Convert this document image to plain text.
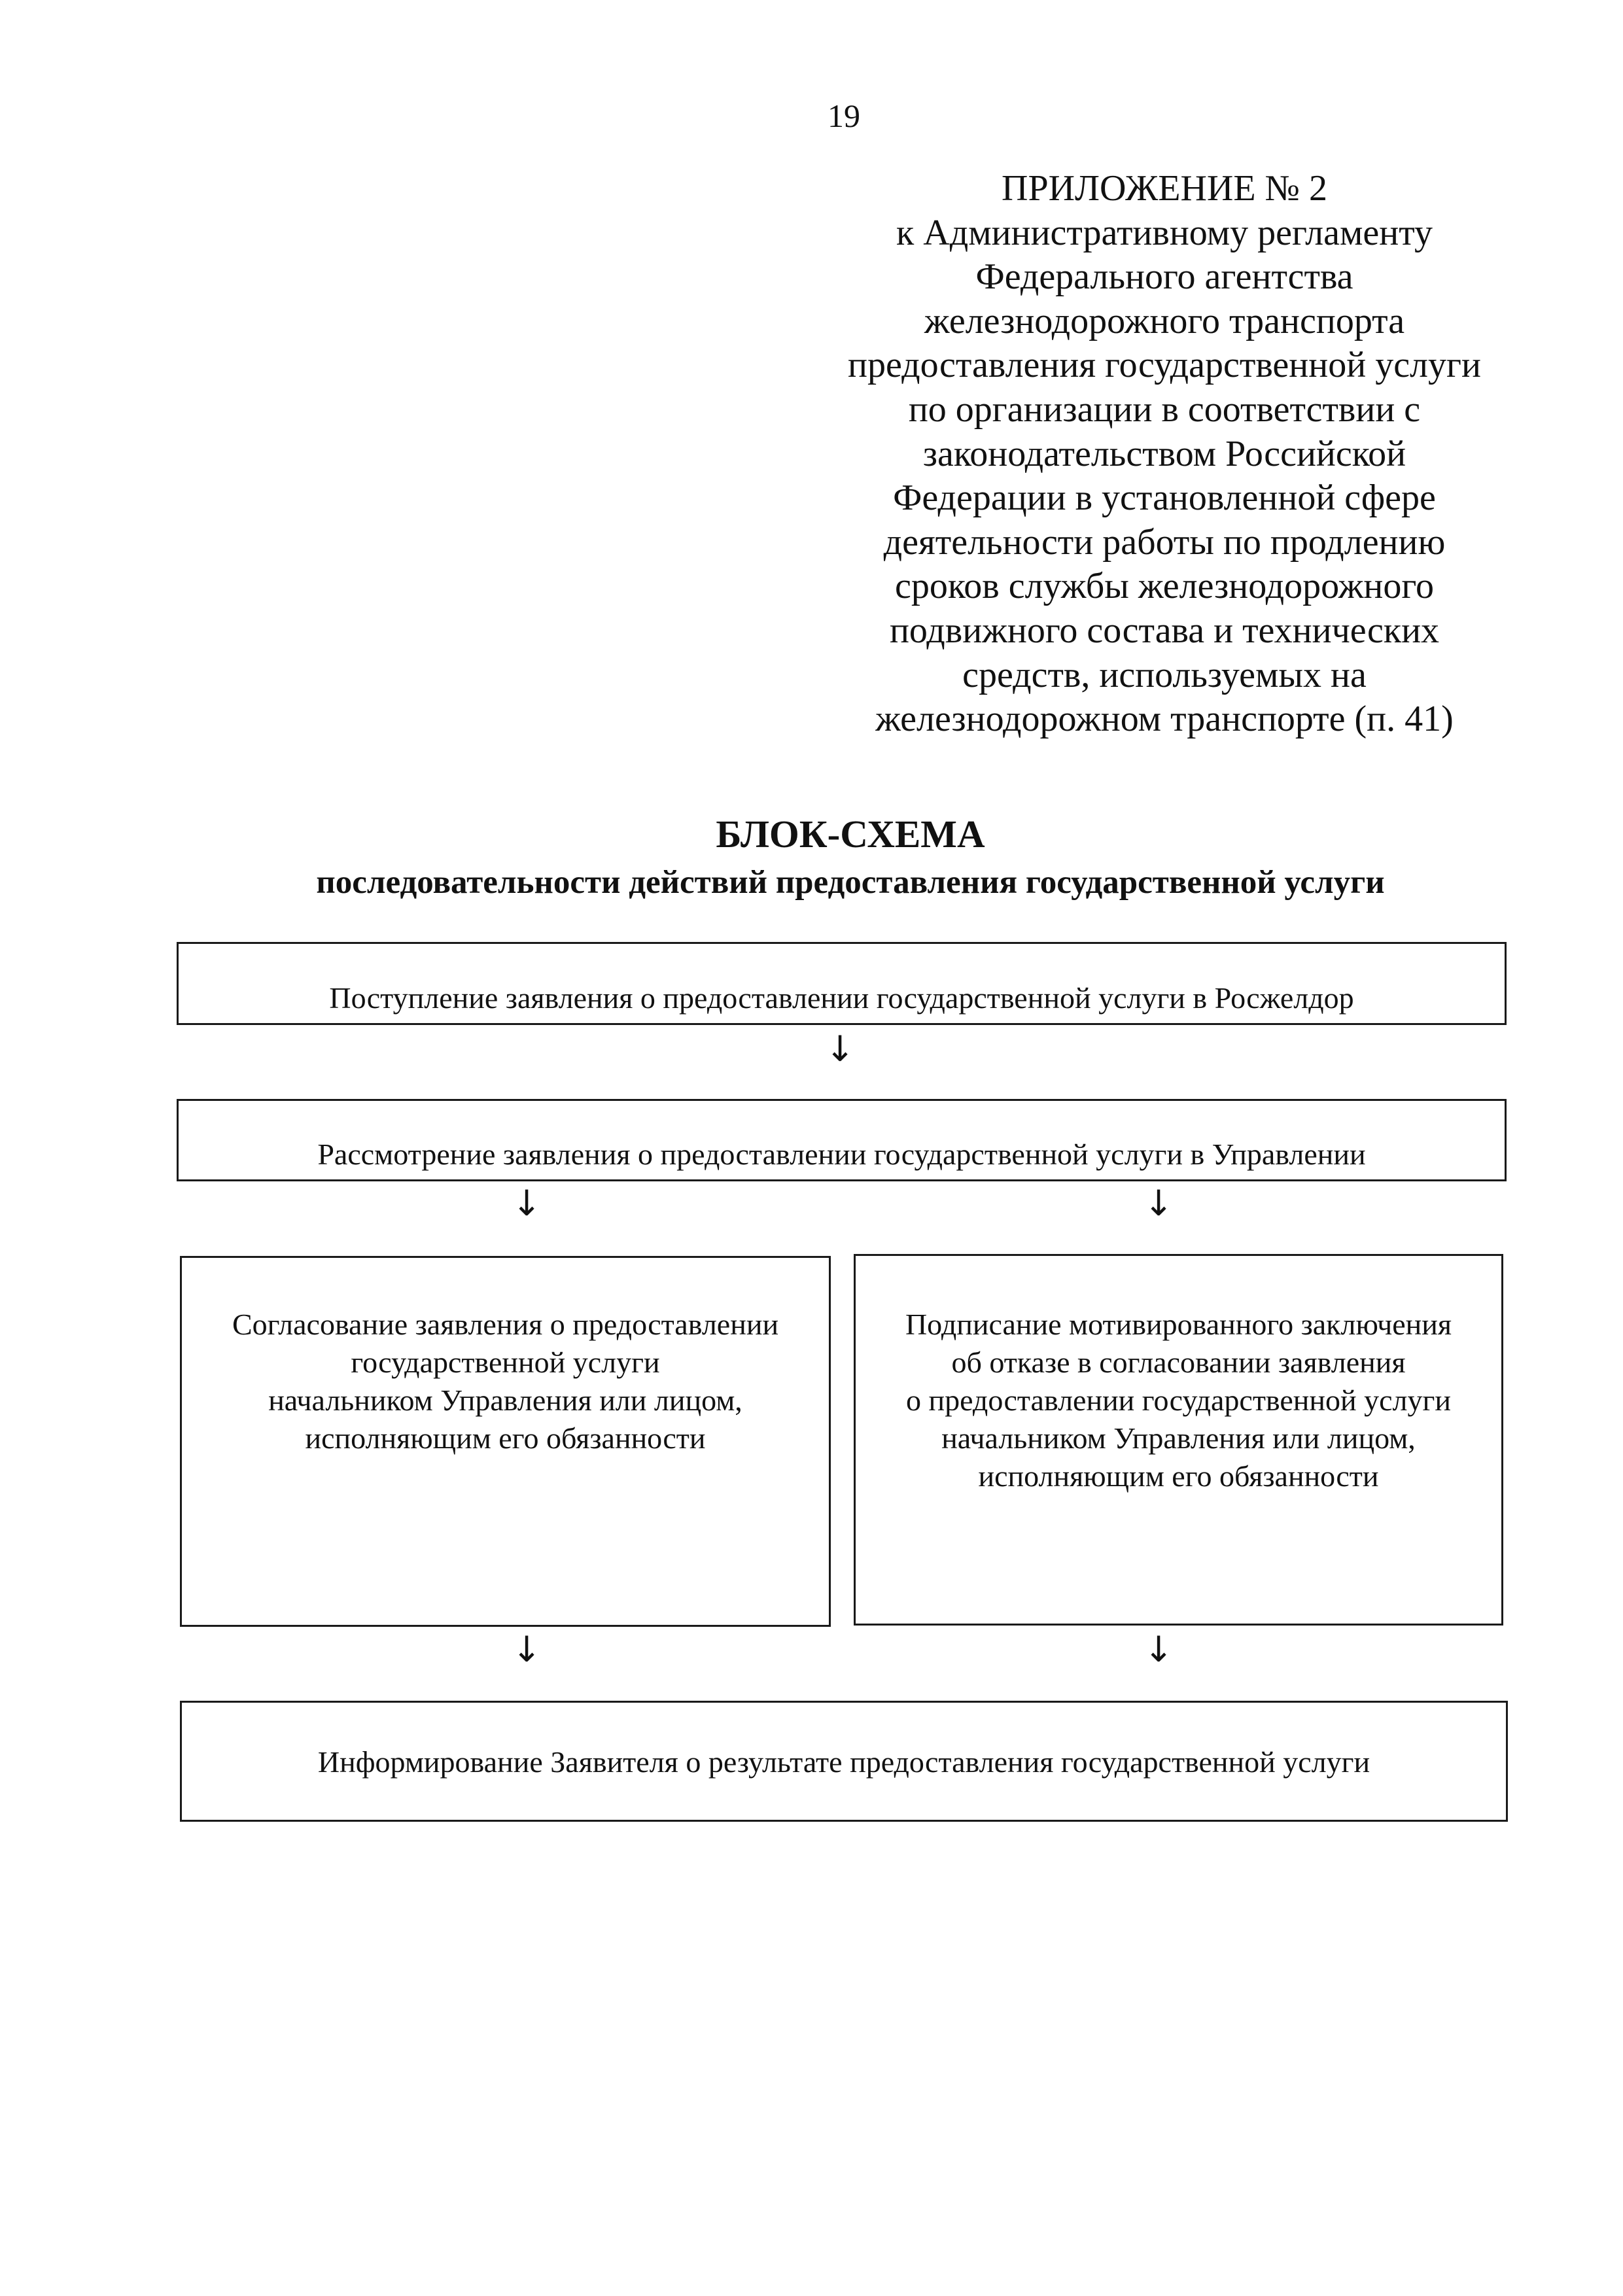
19
ПРИЛОЖЕНИЕ № 2
к Административному регламенту
Федерального агентства
железнодорожного транспорта
предоставления государственной услуги
по организации в соответствии с
законодательством Российской
Федерации в установленной сфере
деятельности работы по продлению
сроков службы железнодорожного
подвижного состава и технических
средств, используемых на
железнодорожном транспорте (п. 41)
БЛОК-СХЕМА
последовательности действий предоставления государственной услуги
Поступление заявления о предоставлении государственной услуги в Росжелдор
↓
Рассмотрение заявления о предоставлении государственной услуги в Управлении
↓	↓
Согласование заявления о предоставлении
государственной услуги
начальником Управления или лицом,
исполняющим его обязанности
Подписание мотивированного заключения
об отказе в согласовании заявления
о предоставлении государственной услуги
начальником Управления или лицом,
исполняющим его обязанности
↓	↓
Информирование Заявителя о результате предоставления государственной услуги
